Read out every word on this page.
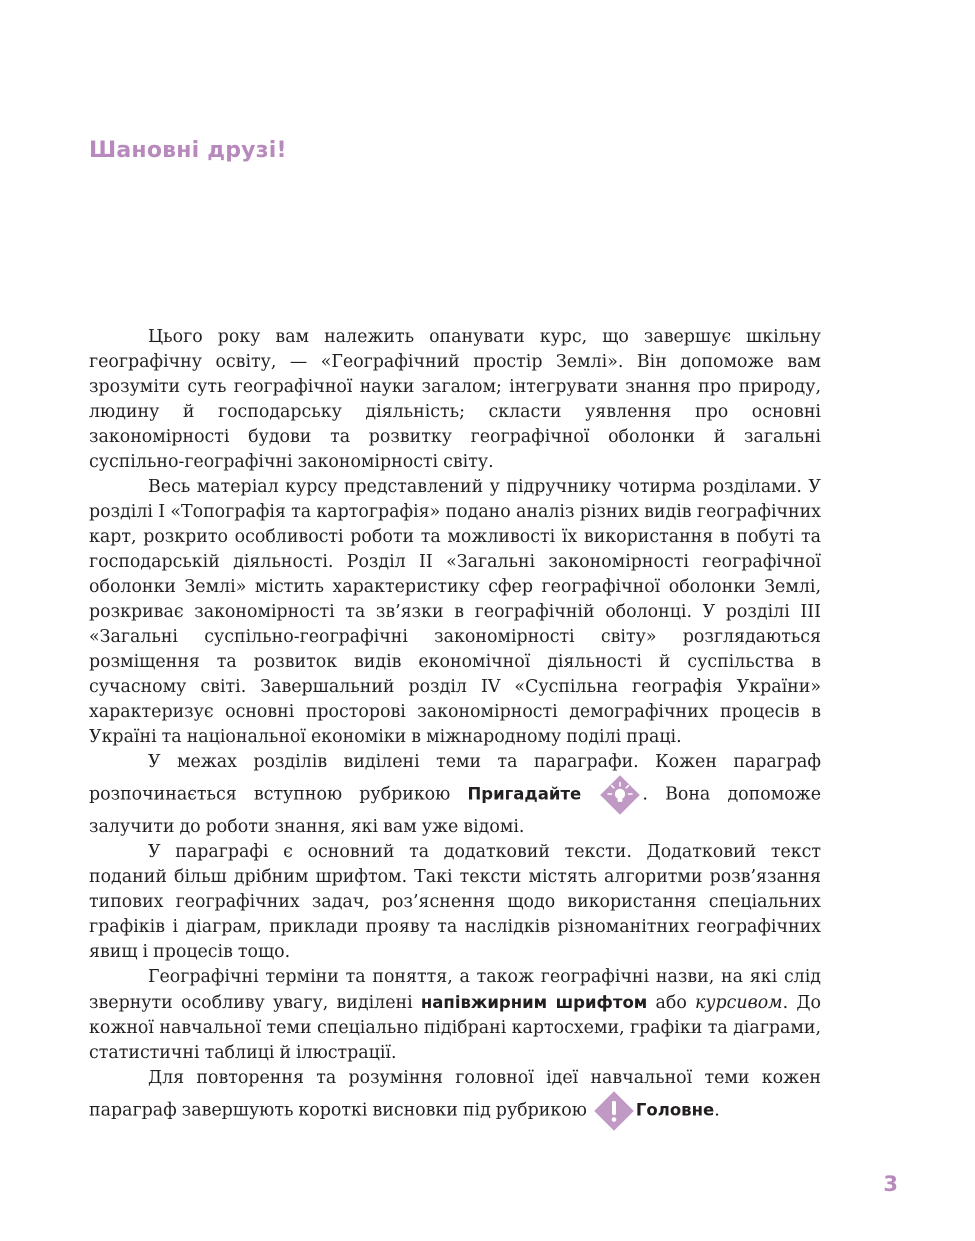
Шановні друзі!

Цього року вам належить опанувати курс, що завершує шкільну географічну освіту, — «Географічний простір Землі». Він допоможе вам зрозуміти суть географічної науки загалом; інтегрувати знання про природу, людину й господарську діяльність; скласти уявлення про основні закономірності будови та розвитку географічної оболонки й загальні суспільно-географічні закономірності світу.

Весь матеріал курсу представлений у підручнику чотирма розділами. У розділі І «Топографія та картографія» подано аналіз різних видів географічних карт, розкрито особливості роботи та можливості їх використання в побуті та господарській діяльності. Розділ ІІ «Загальні закономірності географічної оболонки Землі» містить характеристику сфер географічної оболонки Землі, розкриває закономірності та зв’язки в географічній оболонці. У розділі ІІІ «Загальні суспільно-географічні закономірності світу» розглядаються розміщення та розвиток видів економічної діяльності й суспільства в сучасному світі. Завершальний розділ ІV «Суспільна географія України» характеризує основні просторові закономірності демографічних процесів в Україні та національної економіки в міжнародному поділі праці.

У межах розділів виділені теми та параграфи. Кожен параграф розпочинається вступною рубрикою Пригадайте	. Вона допоможе залучити до роботи знання, які вам уже відомі.

У параграфі є основний та додатковий тексти. Додатковий текст поданий більш дрібним шрифтом. Такі тексти містять алгоритми розв’язання типових географічних задач, роз’яснення щодо використання спеціальних графіків і діаграм, приклади прояву та наслідків різноманітних географічних явищ і процесів тощо.

Географічні терміни та поняття, а також географічні назви, на які слід звернути особливу увагу, виділені напівжирним шрифтом або курсивом. До кожної навчальної теми спеціально підібрані картосхеми, графіки та діаграми, статистичні таблиці й ілюстрації.

Для повторення та розуміння головної ідеї навчальної теми кожен параграф завершують короткі висновки під рубрикою	Головне.

3
